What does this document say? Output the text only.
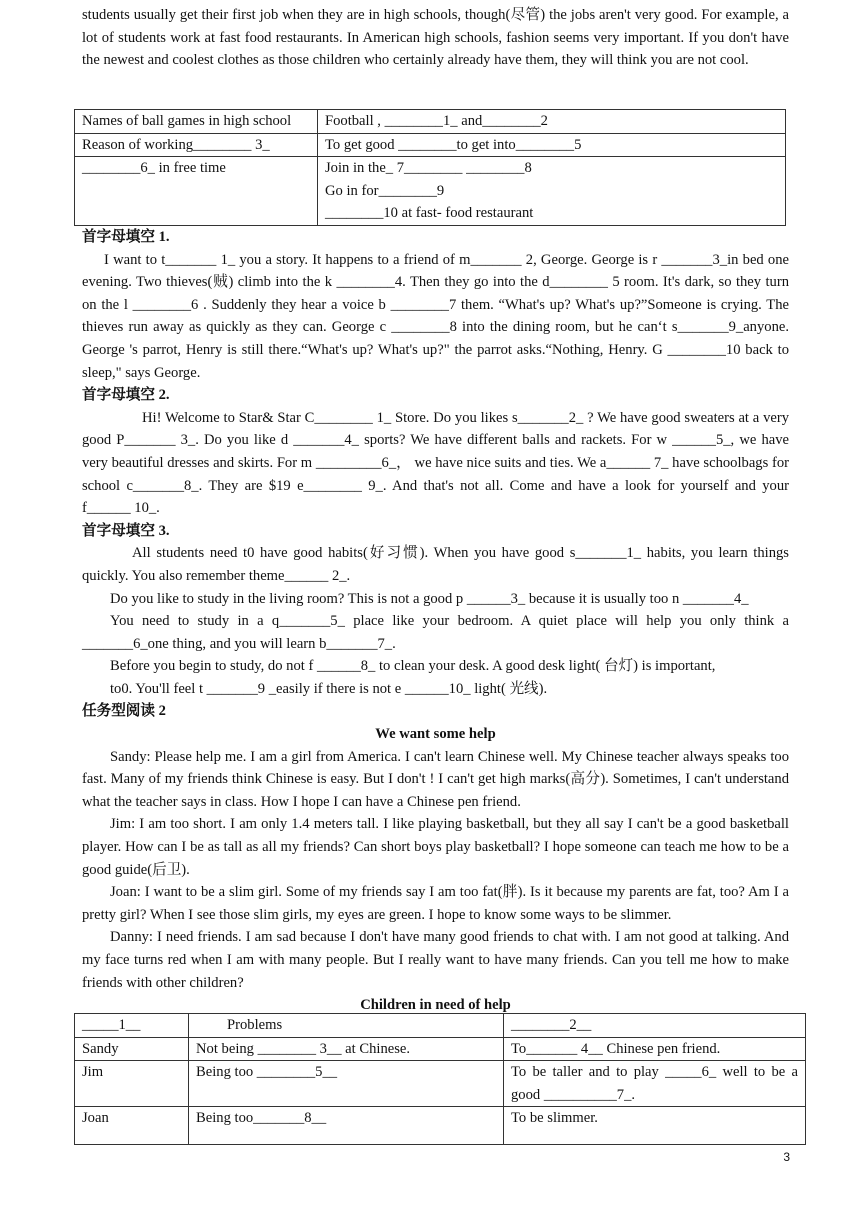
students usually get their first job when they are in high schools, though(尽管) the jobs aren't very good. For example, a lot of students work at fast food restaurants. In American high schools, fashion seems very important. If you don't have the newest and coolest clothes as those children who certainly already have them, they will think you are not cool.

Names of ball games in high school	Football , ________1_ and________2
Reason of working________ 3_	To get good ________to get into________5
________6_ in free time	Join in the_ 7________ ________8
Go in for________9
________10 at fast- food restaurant

首字母填空 1.

I want to t_______ 1_ you a story. It happens to a friend of m_______ 2, George. George is r _______3_in bed one evening. Two thieves(贼) climb into the k ________4. Then they go into the d________ 5 room. It's dark, so they turn on the l ________6 . Suddenly they hear a voice b ________7 them. “What's up? What's up?”Someone is crying. The thieves run away as quickly as they can. George c ________8 into the dining room, but he can‘t s_______9_anyone. George 's parrot, Henry is still there.“What's up? What's up?" the parrot asks.“Nothing, Henry. G ________10 back to sleep," says George.

首字母填空 2.

Hi! Welcome to Star& Star C________ 1_ Store. Do you likes s_______2_ ? We have good sweaters at a very good P_______ 3_. Do you like d _______4_ sports? We have different balls and rackets. For w ______5_, we have very beautiful dresses and skirts. For m _________6_， we have nice suits and ties. We a______ 7_ have schoolbags for school c_______8_. They are $19 e________ 9_. And that's not all. Come and have a look for yourself and your f______ 10_.

首字母填空 3.

All students need t0 have good habits(好习惯). When you have good s_______1_ habits, you learn things quickly. You also remember theme______ 2_.

Do you like to study in the living room? This is not a good p ______3_ because it is usually too n _______4_

You need to study in a q_______5_ place like your bedroom. A quiet place will help you only think a _______6_one thing, and you will learn b_______7_.

Before you begin to study, do not f ______8_ to clean your desk. A good desk light( 台灯) is important,

to0. You'll feel t _______9 _easily if there is not e ______10_ light( 光线).

任务型阅读 2

We want some help

Sandy: Please help me. I am a girl from America. I can't learn Chinese well. My Chinese teacher always speaks too fast. Many of my friends think Chinese is easy. But I don't ! I can't get high marks(高分). Sometimes, I can't understand what the teacher says in class. How I hope I can have a Chinese pen friend.

Jim: I am too short. I am only 1.4 meters tall. I like playing basketball, but they all say I can't be a good basketball player. How can I be as tall as all my friends? Can short boys play basketball? I hope someone can teach me how to be a good guide(后卫).

Joan: I want to be a slim girl. Some of my friends say I am too fat(胖). Is it because my parents are fat, too? Am I a pretty girl? When I see those slim girls, my eyes are green. I hope to know some ways to be slimmer.

Danny: I need friends. I am sad because I don't have many good friends to chat with. I am not good at talking. And my face turns red when I am with many people. But I really want to have many friends. Can you tell me how to make friends with other children?

Children in need of help

_____1__	Problems	________2__
Sandy	Not being ________ 3__ at Chinese.	To_______ 4__ Chinese pen friend.
Jim	Being too ________5__	To be taller and to play _____6_ well to be a good __________7_.
Joan	Being too_______8__	To be slimmer.
3
